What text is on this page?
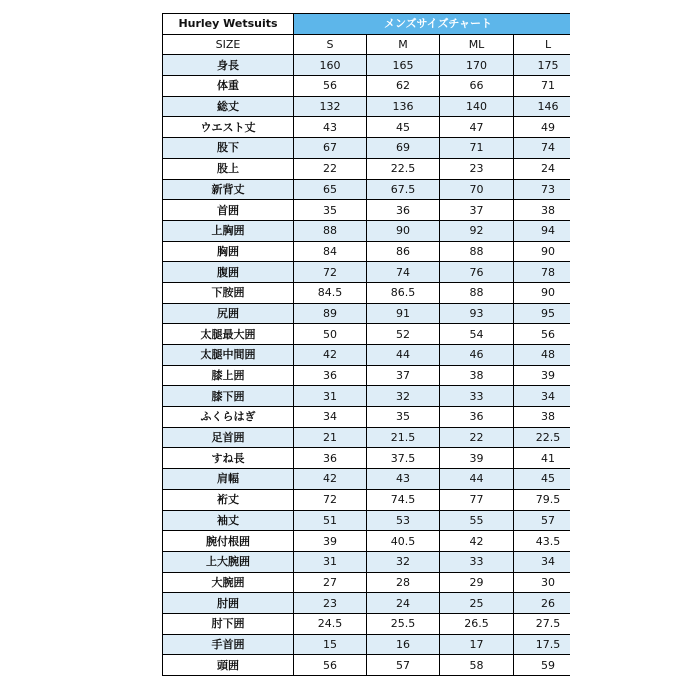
Hurley Wetsuits	メンズサイズチャート			
SIZE	S	M	ML	L
身長	160	165	170	175
体重	56	62	66	71
総丈	132	136	140	146
ウエスト丈	43	45	47	49
股下	67	69	71	74
股上	22	22.5	23	24
新背丈	65	67.5	70	73
首囲	35	36	37	38
上胸囲	88	90	92	94
胸囲	84	86	88	90
腹囲	72	74	76	78
下胺囲	84.5	86.5	88	90
尻囲	89	91	93	95
太腿最大囲	50	52	54	56
太腿中間囲	42	44	46	48
膝上囲	36	37	38	39
膝下囲	31	32	33	34
ふくらはぎ	34	35	36	38
足首囲	21	21.5	22	22.5
すね長	36	37.5	39	41
肩幅	42	43	44	45
裄丈	72	74.5	77	79.5
袖丈	51	53	55	57
腕付根囲	39	40.5	42	43.5
上大腕囲	31	32	33	34
大腕囲	27	28	29	30
肘囲	23	24	25	26
肘下囲	24.5	25.5	26.5	27.5
手首囲	15	16	17	17.5
頭囲	56	57	58	59
